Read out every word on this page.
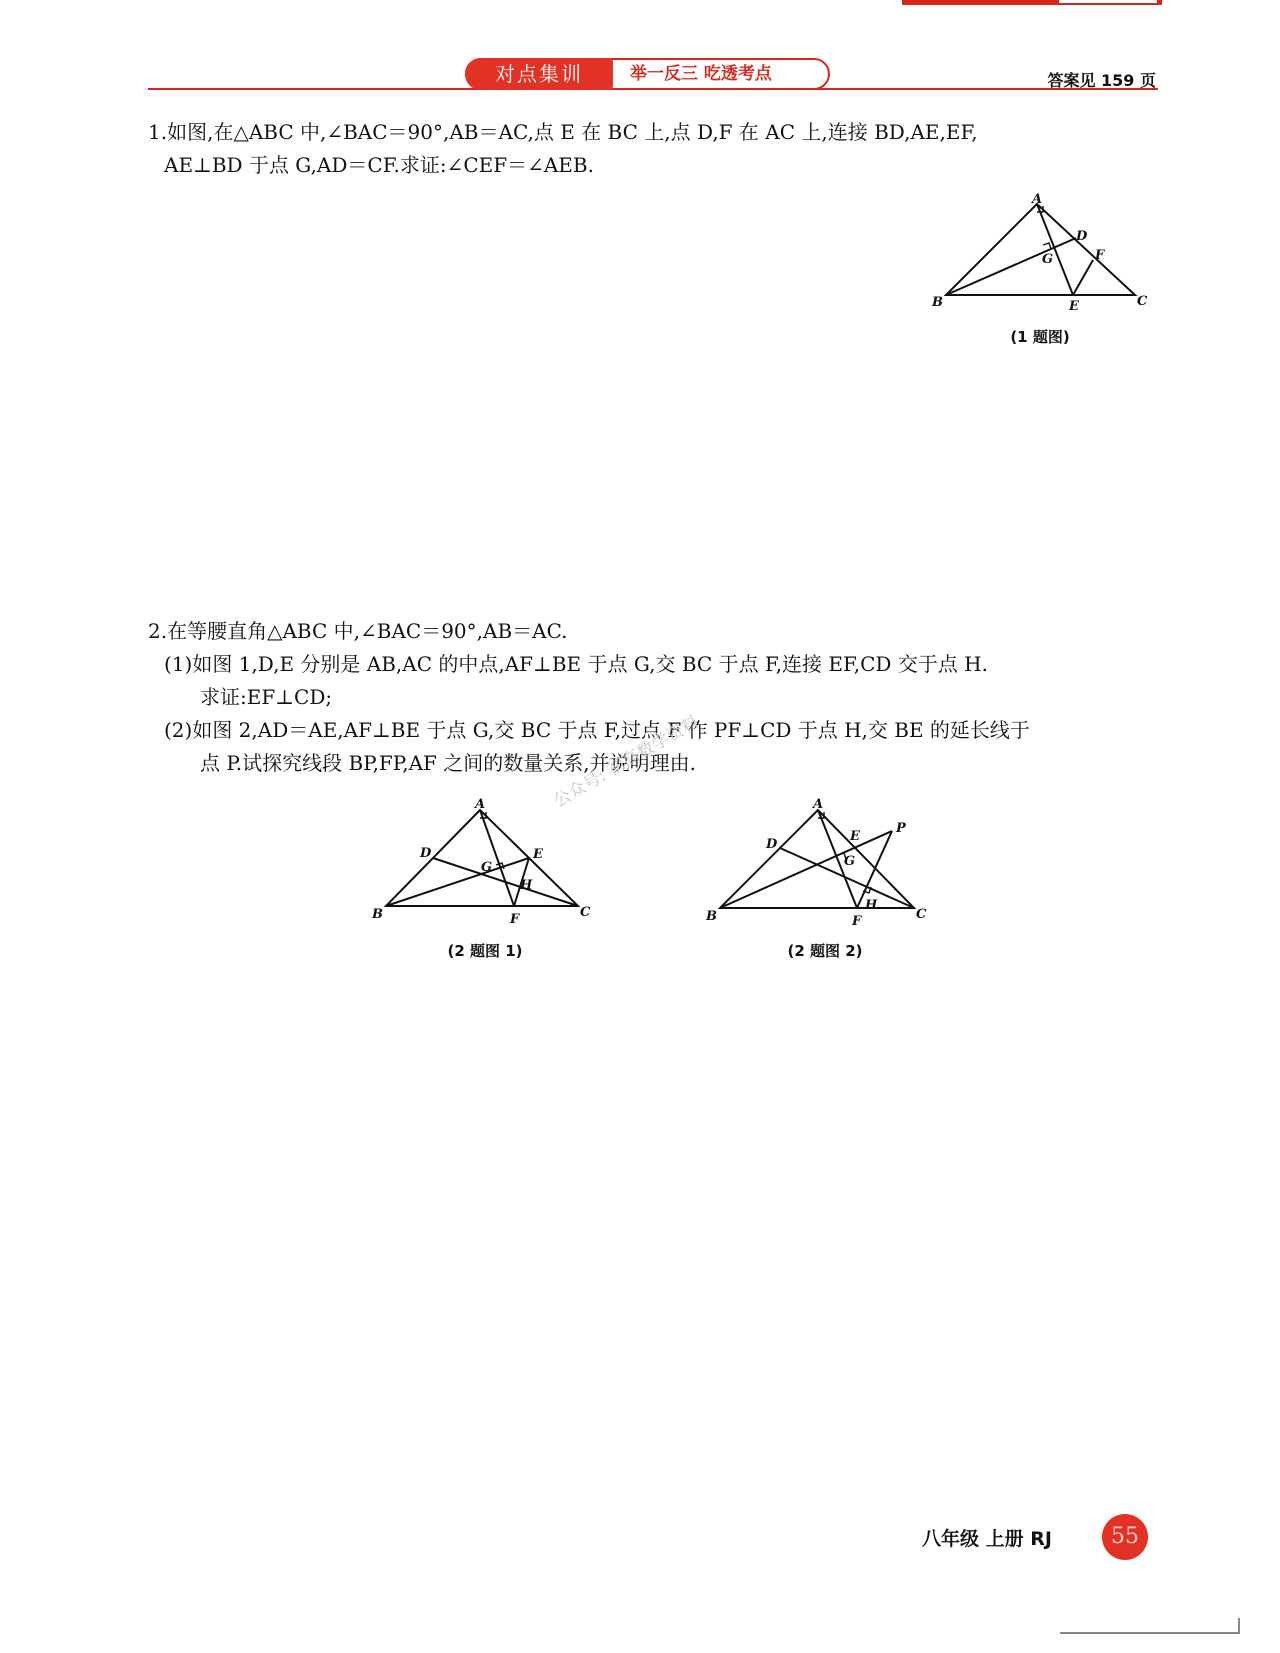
对点集训	举一反三 吃透考点	答案见 159 页
1.如图,在△ABC 中,∠BAC＝90°,AB＝AC,点 E 在 BC 上,点 D,F 在 AC 上,连接 BD,AE,EF,
AE⊥BD 于点 G,AD＝CF.求证:∠CEF＝∠AEB.
A
B	C
D
E
F
G
(1 题图)
2.在等腰直角△ABC 中,∠BAC＝90°,AB＝AC.
(1)如图 1,D,E 分别是 AB,AC 的中点,AF⊥BE 于点 G,交 BC 于点 F,连接 EF,CD 交于点 H.
求证:EF⊥CD;
(2)如图 2,AD＝AE,AF⊥BE 于点 G,交 BC 于点 F,过点 F 作 PF⊥CD 于点 H,交 BE 的延长线于
点 P.试探究线段 BP,FP,AF 之间的数量关系,并说明理由.
公众号: 初高数学资料
A
B	C
D	E
F
G
H
(2 题图 1)
A
B	C
D
E
F
G
H
P
(2 题图 2)
八年级 上册 RJ	55
